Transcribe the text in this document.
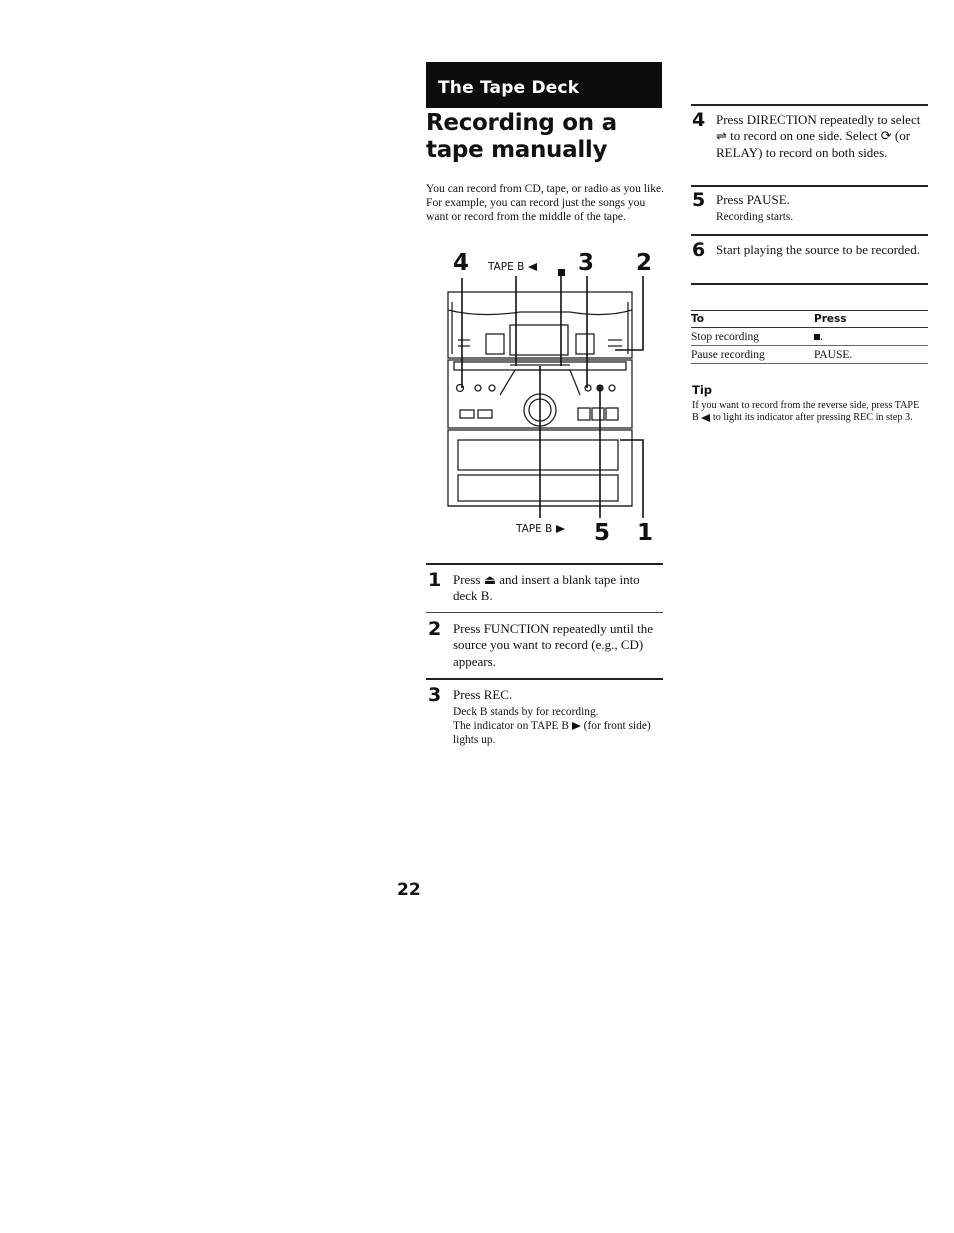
The Tape Deck
Recording on a tape manually
You can record from CD, tape, or radio as you like. For example, you can record just the songs you want or record from the middle of the tape.
4 TAPE B	3 2
TAPE B	5 1
1 Press ⏏ and insert a blank tape into deck B.
2 Press FUNCTION repeatedly until the source you want to record (e.g., CD) appears.
3 Press REC.
Deck B stands by for recording.
The indicator on TAPE B (for front side) lights up.
4 Press DIRECTION repeatedly to select ⇌ to record on one side. Select ⟳ (or RELAY) to record on both sides.
5 Press PAUSE.
Recording starts.
6 Start playing the source to be recorded.
To	Press
Stop recording	.
Pause recording	PAUSE.
Tip
If you want to record from the reverse side, press TAPE B to light its indicator after pressing REC in step 3.
22
